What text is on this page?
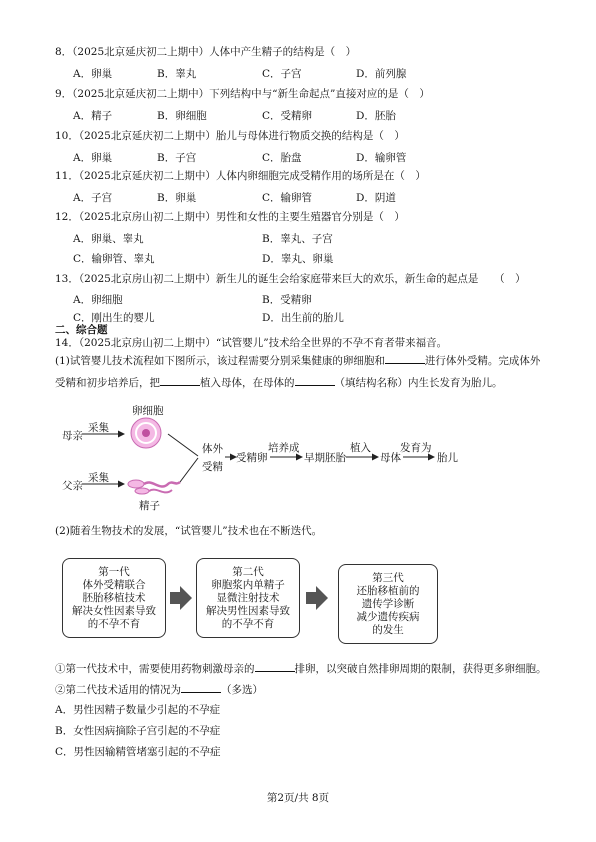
8．（2025北京延庆初二上期中）人体中产生精子的结构是（　）
A．卵巢	B．睾丸	C．子宫	D．前列腺
9．（2025北京延庆初二上期中）下列结构中与“新生命起点”直接对应的是（　）
A．精子	B．卵细胞	C．受精卵	D．胚胎
10．（2025北京延庆初二上期中）胎儿与母体进行物质交换的结构是（　）
A．卵巢	B．子宫	C．胎盘	D．输卵管
11．（2025北京延庆初二上期中）人体内卵细胞完成受精作用的场所是在（　）
A．子宫	B．卵巢	C．输卵管	D．阴道
12．（2025北京房山初二上期中）男性和女性的主要生殖器官分别是（　）
A．卵巢、睾丸	B．睾丸、子宫
C．输卵管、睾丸	D．睾丸、卵巢
13．（2025北京房山初二上期中）新生儿的诞生会给家庭带来巨大的欢乐，新生命的起点是　　（　）
A．卵细胞	B．受精卵
C．刚出生的婴儿	D．出生前的胎儿
二、综合题
14．（2025北京房山初二上期中）“试管婴儿”技术给全世界的不孕不育者带来福音。
(1)试管婴儿技术流程如下图所示，该过程需要分别采集健康的卵细胞和	进行体外受精。完成体外受精和初步培养后，把	植入母体，在母体的	（填结构名称）内生长发育为胎儿。
母亲
采集
卵细胞
父亲
采集
精子
体外
受精
受精卵
培养成
早期胚胎
植入
母体
发育为
胎儿
(2)随着生物技术的发展，“试管婴儿”技术也在不断迭代。
第一代
体外受精联合
胚胎移植技术
解决女性因素导致
的不孕不育
第二代
卵胞浆内单精子
显微注射技术
解决男性因素导致
的不孕不育
第三代
还胎移植前的
遗传学诊断
减少遗传疾病
的发生
①第一代技术中，需要使用药物刺激母亲的	排卵，以突破自然排卵周期的限制，获得更多卵细胞。
②第二代技术适用的情况为	（多选）
A．男性因精子数量少引起的不孕症
B．女性因病摘除子宫引起的不孕症
C．男性因输精管堵塞引起的不孕症
第2页/共 8页
